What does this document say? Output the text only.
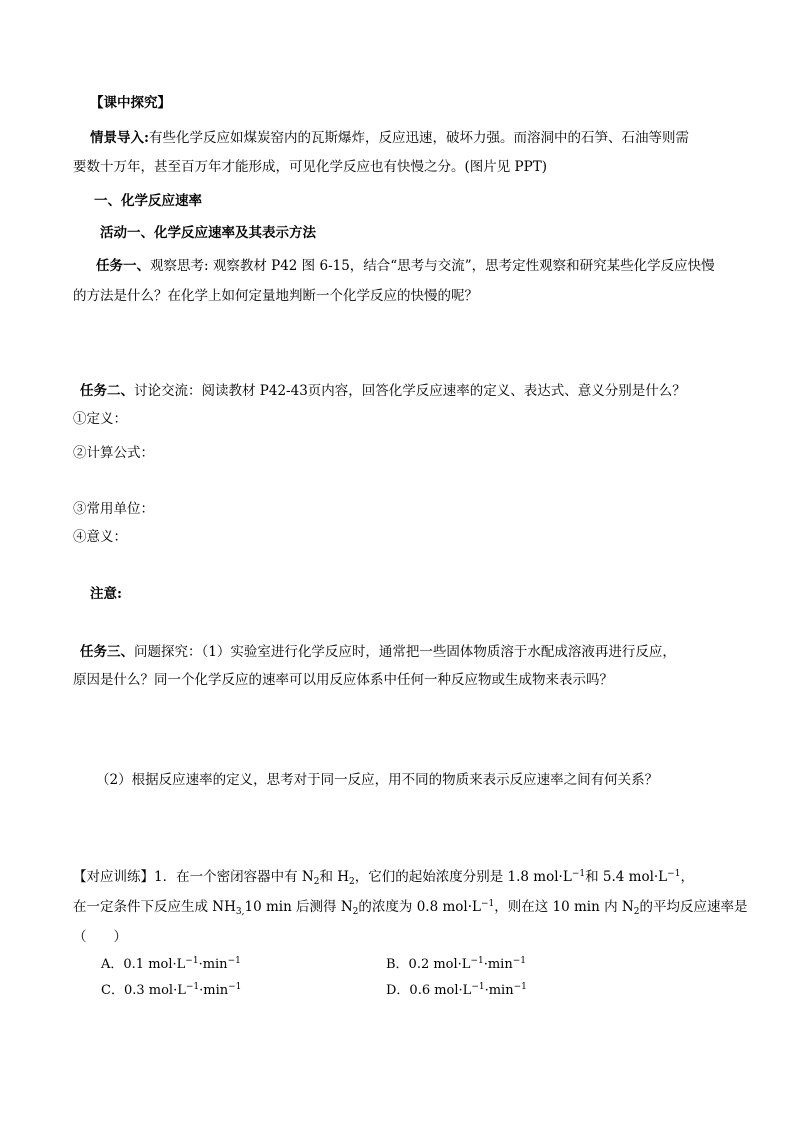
【课中探究】
情景导入:有些化学反应如煤炭窑内的瓦斯爆炸，反应迅速，破坏力强。而溶洞中的石笋、石油等则需
要数十万年，甚至百万年才能形成，可见化学反应也有快慢之分。(图片见 PPT)
一、化学反应速率
活动一、化学反应速率及其表示方法
任务一、观察思考: 观察教材 P42 图 6-15，结合“思考与交流”，思考定性观察和研究某些化学反应快慢
的方法是什么？在化学上如何定量地判断一个化学反应的快慢的呢？
任务二、讨论交流：阅读教材 P42-43页内容，回答化学反应速率的定义、表达式、意义分别是什么？
①定义：
②计算公式：
③常用单位：
④意义：
注意:
任务三、问题探究：（1）实验室进行化学反应时，通常把一些固体物质溶于水配成溶液再进行反应，
原因是什么？同一个化学反应的速率可以用反应体系中任何一种反应物或生成物来表示吗？
（2）根据反应速率的定义，思考对于同一反应，用不同的物质来表示反应速率之间有何关系？
【对应训练】1．在一个密闭容器中有 $N_2$和 $H_2$，它们的起始浓度分别是 1.8 $mol\cdot L^{-1}$和 5.4 $mol\cdot L^{-1}$，
在一定条件下反应生成 $NH_{3,}10$ min 后测得 $N_2$的浓度为 0.8 $mol\cdot L^{-1}$，则在这 10 min 内 $N_2$的平均反应速率是
（　　）
A．0.1 $mol\cdot L^{-1}\cdot\min^{-1}$	B．0.2 $mol\cdot L^{-1}\cdot\min^{-1}$
C．0.3 $mol\cdot L^{-1}\cdot\min^{-1}$	D．0.6 $mol\cdot L^{-1}\cdot\min^{-1}$
